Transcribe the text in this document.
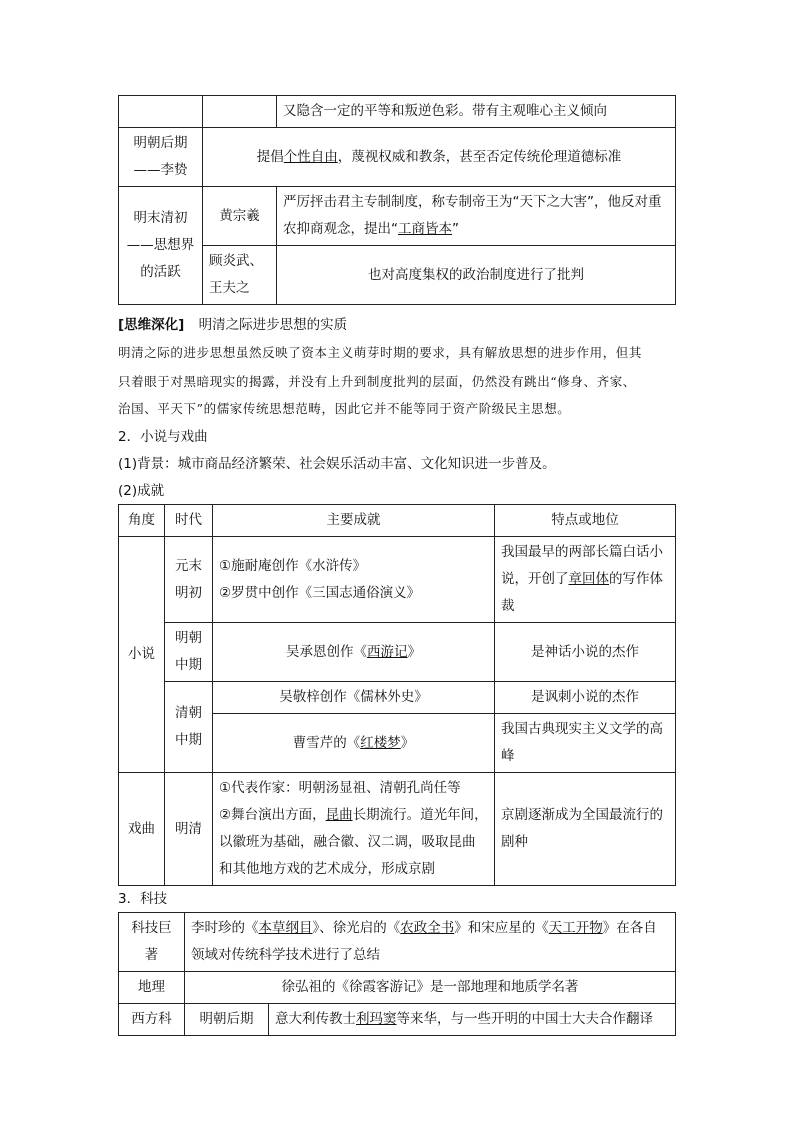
		又隐含一定的平等和叛逆色彩。带有主观唯心主义倾向
明朝后期——李贽	提倡个性自由，蔑视权威和教条，甚至否定传统伦理道德标准	
明末清初——思想界的活跃	黄宗羲	严厉抨击君主专制制度，称专制帝王为“天下之大害”，他反对重农抑商观念，提出“工商皆本”
	顾炎武、王夫之	也对高度集权的政治制度进行了批判
[思维深化] 明清之际进步思想的实质
明清之际的进步思想虽然反映了资本主义萌芽时期的要求，具有解放思想的进步作用，但其
只着眼于对黑暗现实的揭露，并没有上升到制度批判的层面，仍然没有跳出“修身、齐家、
治国、平天下”的儒家传统思想范畴，因此它并不能等同于资产阶级民主思想。
2．小说与戏曲
(1)背景：城市商品经济繁荣、社会娱乐活动丰富、文化知识进一步普及。
(2)成就
角度	时代	主要成就	特点或地位
小说	元末明初	①施耐庵创作《水浒传》
②罗贯中创作《三国志通俗演义》	我国最早的两部长篇白话小说，开创了章回体的写作体裁
	明朝中期	吴承恩创作《西游记》	是神话小说的杰作
	清朝中期	吴敬梓创作《儒林外史》	是讽刺小说的杰作
		曹雪芹的《红楼梦》	我国古典现实主义文学的高峰
戏曲	明清	①代表作家：明朝汤显祖、清朝孔尚任等
②舞台演出方面，昆曲长期流行。道光年间，以徽班为基础，融合徽、汉二调，吸取昆曲和其他地方戏的艺术成分，形成京剧	京剧逐渐成为全国最流行的剧种
3．科技
科技巨著	李时珍的《本草纲目》、徐光启的《农政全书》和宋应星的《天工开物》在各自领域对传统科学技术进行了总结	
地理	徐弘祖的《徐霞客游记》是一部地理和地质学名著	
西方科	明朝后期	意大利传教士利玛窦等来华，与一些开明的中国士大夫合作翻译
